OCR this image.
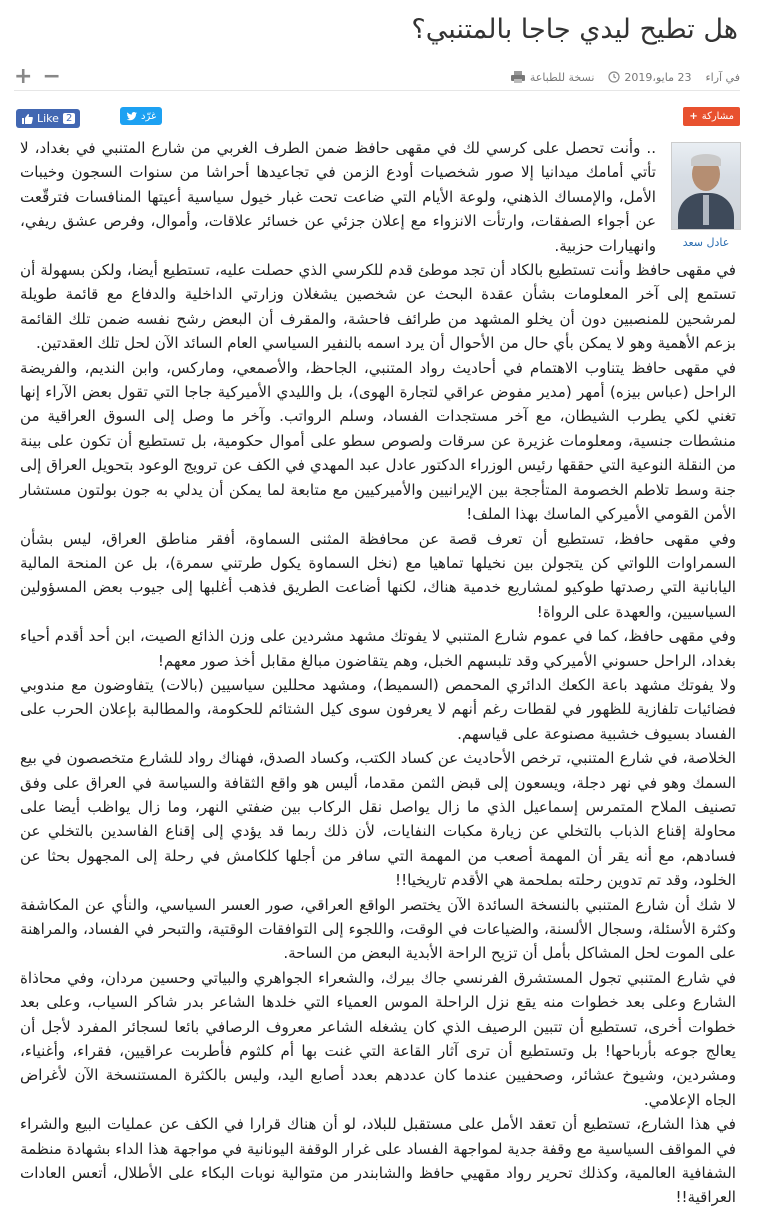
هل تطيح ليدي جاجا بالمتنبي؟
في آراء
23 مايو،2019
نسخة للطباعة
−
+
مشاركة
+
غرّد
2
Like
عادل سعد

.. وأنت تحصل على كرسي لك في مقهى حافظ ضمن الطرف الغربي من شارع المتنبي في بغداد، لا تأتي أمامك ميدانيا إلا صور شخصيات أودع الزمن في تجاعيدها أحراشا من سنوات السجون وخيبات الأمل، والإمساك الذهني، ولوعة الأيام التي ضاعت تحت غبار خيول سياسية أعيتها المنافسات فترقّعت عن أجواء الصفقات، وارتأت الانزواء مع إعلان جزئي عن خسائر علاقات، وأموال، وفرص عشق ريفي، وانهيارات حزبية.

في مقهى حافظ وأنت تستطيع بالكاد أن تجد موطئ قدم للكرسي الذي حصلت عليه، تستطيع أيضا، ولكن بسهولة أن تستمع إلى آخر المعلومات بشأن عقدة البحث عن شخصين يشغلان وزارتي الداخلية والدفاع مع قائمة طويلة لمرشحين للمنصبين دون أن يخلو المشهد من طرائف فاحشة، والمقرف أن البعض رشح نفسه ضمن تلك القائمة بزعم الأهمية وهو لا يمكن بأي حال من الأحوال أن يرد اسمه بالنفير السياسي العام السائد الآن لحل تلك العقدتين.

في مقهى حافظ يتناوب الاهتمام في أحاديث رواد المتنبي، الجاحظ، والأصمعي، وماركس، وابن النديم، والفريضة الراحل (عباس بيزه) أمهر (مدير مفوض عراقي لتجارة الهوى)، بل والليدي الأميركية جاجا التي تقول بعض الآراء إنها تغني لكي يطرب الشيطان، مع آخر مستجدات الفساد، وسلم الرواتب. وآخر ما وصل إلى السوق العراقية من منشطات جنسية، ومعلومات غزيرة عن سرقات ولصوص سطو على أموال حكومية، بل تستطيع أن تكون على بينة من النقلة النوعية التي حققها رئيس الوزراء الدكتور عادل عبد المهدي في الكف عن ترويج الوعود بتحويل العراق إلى جنة وسط تلاطم الخصومة المتأججة بين الإيرانيين والأميركيين مع متابعة لما يمكن أن يدلي به جون بولتون مستشار الأمن القومي الأميركي الماسك بهذا الملف!

وفي مقهى حافظ، تستطيع أن تعرف قصة عن محافظة المثنى السماوة، أفقر مناطق العراق، ليس بشأن السمراوات اللواتي كن يتجولن بين نخيلها تماهيا مع (نخل السماوة يكول طرتني سمرة)، بل عن المنحة المالية اليابانية التي رصدتها طوكيو لمشاريع خدمية هناك، لكنها أضاعت الطريق فذهب أغلبها إلى جيوب بعض المسؤولين السياسيين، والعهدة على الرواة!

وفي مقهى حافظ، كما في عموم شارع المتنبي لا يفوتك مشهد مشردين على وزن الذائع الصيت، ابن أحد أقدم أحياء بغداد، الراحل حسوني الأميركي وقد تلبسهم الخبل، وهم يتقاضون مبالغ مقابل أخذ صور معهم!

ولا يفوتك مشهد باعة الكعك الدائري المحمص (السميط)، ومشهد محللين سياسيين (بالات) يتفاوضون مع مندوبي فضائيات تلفازية للظهور في لقطات رغم أنهم لا يعرفون سوى كيل الشتائم للحكومة، والمطالبة بإعلان الحرب على الفساد بسيوف خشبية مصنوعة على قياسهم.

الخلاصة، في شارع المتنبي، ترخص الأحاديث عن كساد الكتب، وكساد الصدق، فهناك رواد للشارع متخصصون في بيع السمك وهو في نهر دجلة، ويسعون إلى قبض الثمن مقدما، أليس هو واقع الثقافة والسياسة في العراق على وفق تصنيف الملاح المتمرس إسماعيل الذي ما زال يواصل نقل الركاب بين ضفتي النهر، وما زال يواظب أيضا على محاولة إقناع الذباب بالتخلي عن زيارة مكبات النفايات، لأن ذلك ربما قد يؤدي إلى إقناع الفاسدين بالتخلي عن فسادهم، مع أنه يقر أن المهمة أصعب من المهمة التي سافر من أجلها كلكامش في رحلة إلى المجهول بحثا عن الخلود، وقد تم تدوين رحلته بملحمة هي الأقدم تاريخيا!!

لا شك أن شارع المتنبي بالنسخة السائدة الآن يختصر الواقع العراقي، صور العسر السياسي، والنأي عن المكاشفة وكثرة الأسئلة، وسجال الألسنة، والضياعات في الوقت، واللجوء إلى التوافقات الوقتية، والتبحر في الفساد، والمراهنة على الموت لحل المشاكل بأمل أن تزيح الراحة الأبدية البعض من الساحة.

في شارع المتنبي تجول المستشرق الفرنسي جاك بيرك، والشعراء الجواهري والبياتي وحسين مردان، وفي محاذاة الشارع وعلى بعد خطوات منه يقع نزل الراحلة الموس العمياء التي خلدها الشاعر بدر شاكر السياب، وعلى بعد خطوات أخرى، تستطيع أن تتبين الرصيف الذي كان يشغله الشاعر معروف الرصافي بائعا لسجائر المفرد لأجل أن يعالج جوعه بأرباحها! بل وتستطيع أن ترى آثار القاعة التي غنت بها أم كلثوم فأطربت عراقيين، فقراء، وأغنياء، ومشردين، وشيوخ عشائر، وصحفيين عندما كان عددهم بعدد أصابع اليد، وليس بالكثرة المستنسخة الآن لأغراض الجاه الإعلامي.

في هذا الشارع، تستطيع أن تعقد الأمل على مستقبل للبلاد، لو أن هناك قرارا في الكف عن عمليات البيع والشراء في المواقف السياسية مع وقفة جدية لمواجهة الفساد على غرار الوقفة اليونانية في مواجهة هذا الداء بشهادة منظمة الشفافية العالمية، وكذلك تحرير رواد مقهيي حافظ والشابندر من متوالية نوبات البكاء على الأطلال، أتعس العادات العراقية!!
